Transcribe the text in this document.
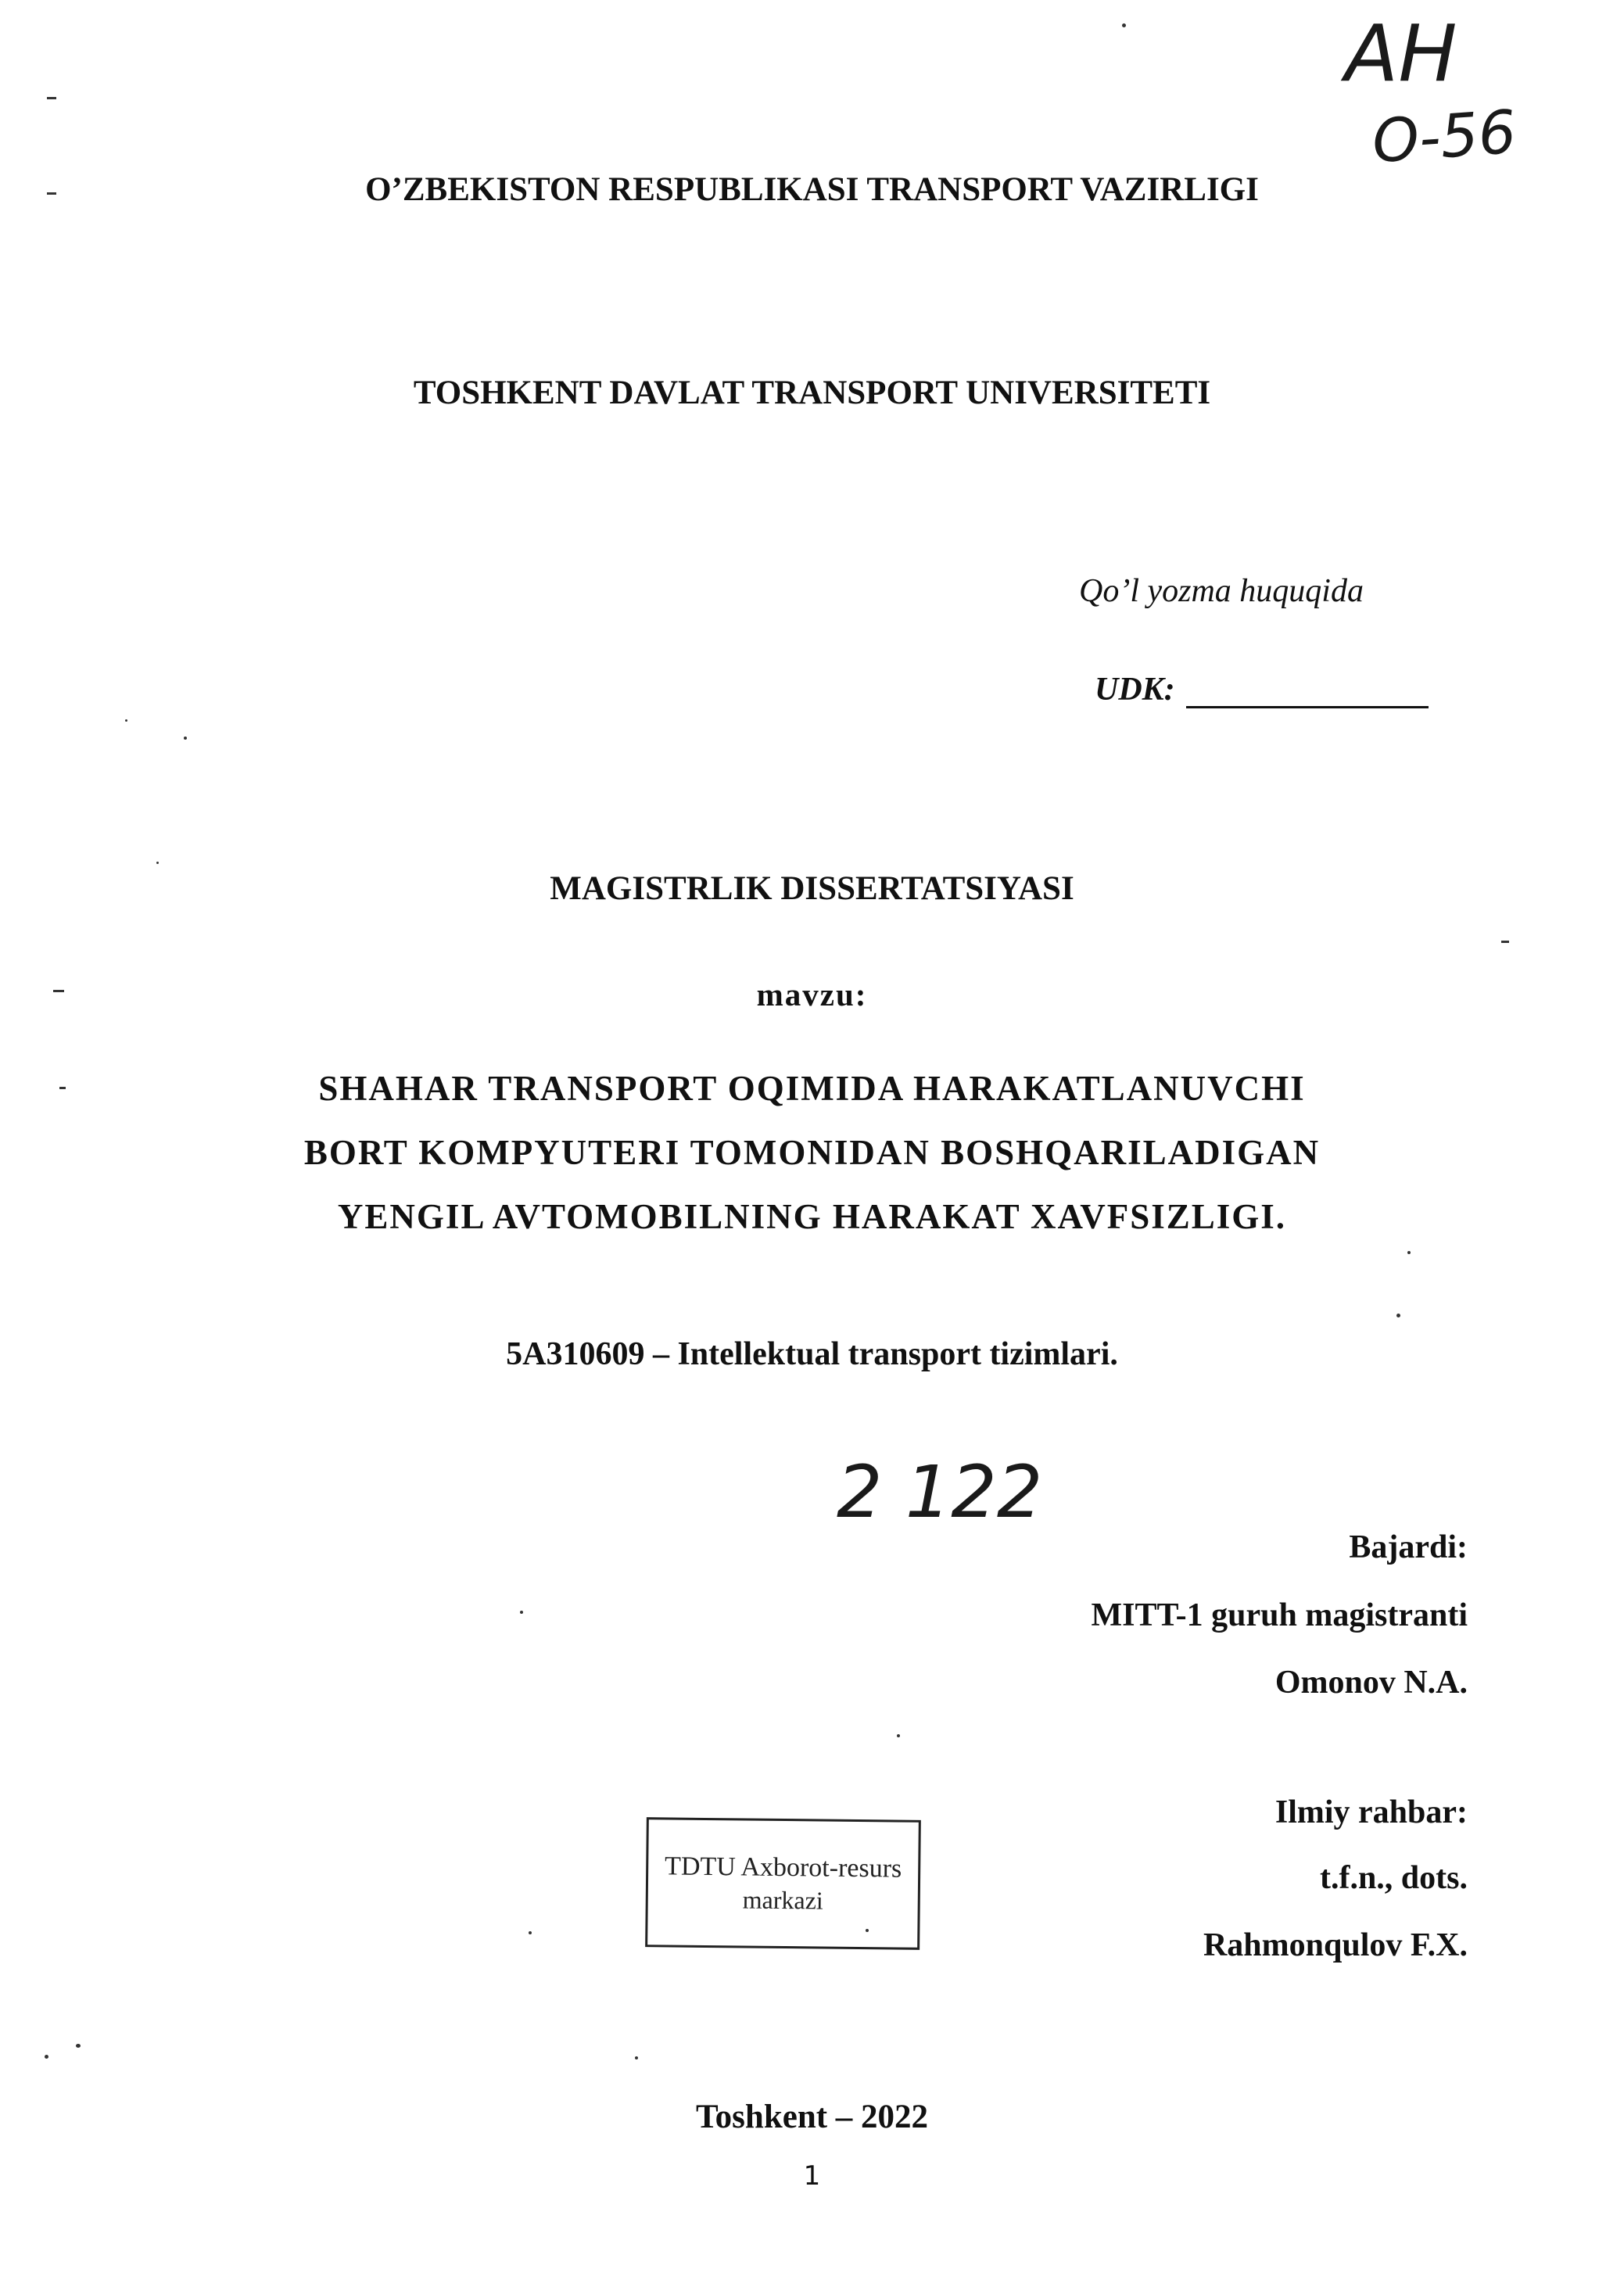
AH
O-56
2 122
O’ZBEKISTON RESPUBLIKASI TRANSPORT VAZIRLIGI
TOSHKENT DAVLAT TRANSPORT UNIVERSITETI
Qo’l yozma huquqida
UDK:
MAGISTRLIK DISSERTATSIYASI
mavzu:
SHAHAR TRANSPORT OQIMIDA HARAKATLANUVCHI
BORT KOMPYUTERI TOMONIDAN BOSHQARILADIGAN
YENGIL AVTOMOBILNING HARAKAT XAVFSIZLIGI.
5A310609 – Intellektual transport tizimlari.
Bajardi:
MITT-1 guruh magistranti
Omonov N.A.
Ilmiy rahbar:
t.f.n., dots.
Rahmonqulov F.X.
TDTU Axborot-resurs
markazi
Toshkent – 2022
1
